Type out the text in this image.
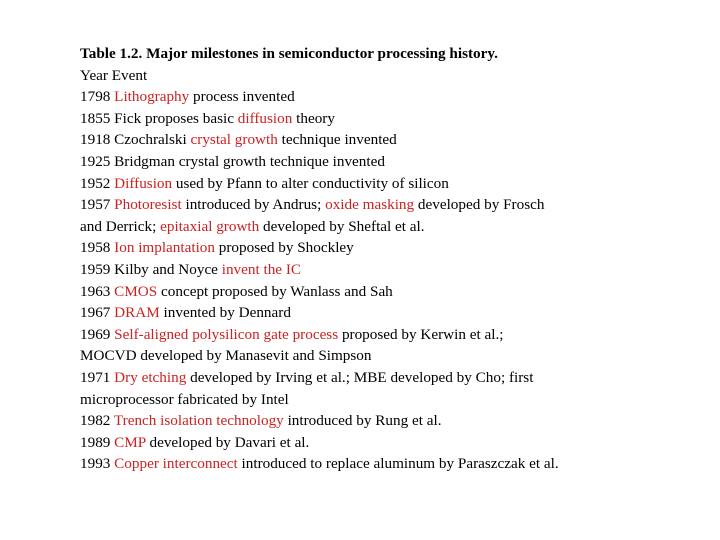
Table 1.2. Major milestones in semiconductor processing history.
Year Event
1798 Lithography process invented
1855 Fick proposes basic diffusion theory
1918 Czochralski crystal growth technique invented
1925 Bridgman crystal growth technique invented
1952 Diffusion used by Pfann to alter conductivity of silicon
1957 Photoresist introduced by Andrus; oxide masking developed by Frosch
and Derrick; epitaxial growth developed by Sheftal et al.
1958 Ion implantation proposed by Shockley
1959 Kilby and Noyce invent the IC
1963 CMOS concept proposed by Wanlass and Sah
1967 DRAM invented by Dennard
1969 Self-aligned polysilicon gate process proposed by Kerwin et al.;
MOCVD developed by Manasevit and Simpson
1971 Dry etching developed by Irving et al.; MBE developed by Cho; first
microprocessor fabricated by Intel
1982 Trench isolation technology introduced by Rung et al.
1989 CMP developed by Davari et al.
1993 Copper interconnect introduced to replace aluminum by Paraszczak et al.
